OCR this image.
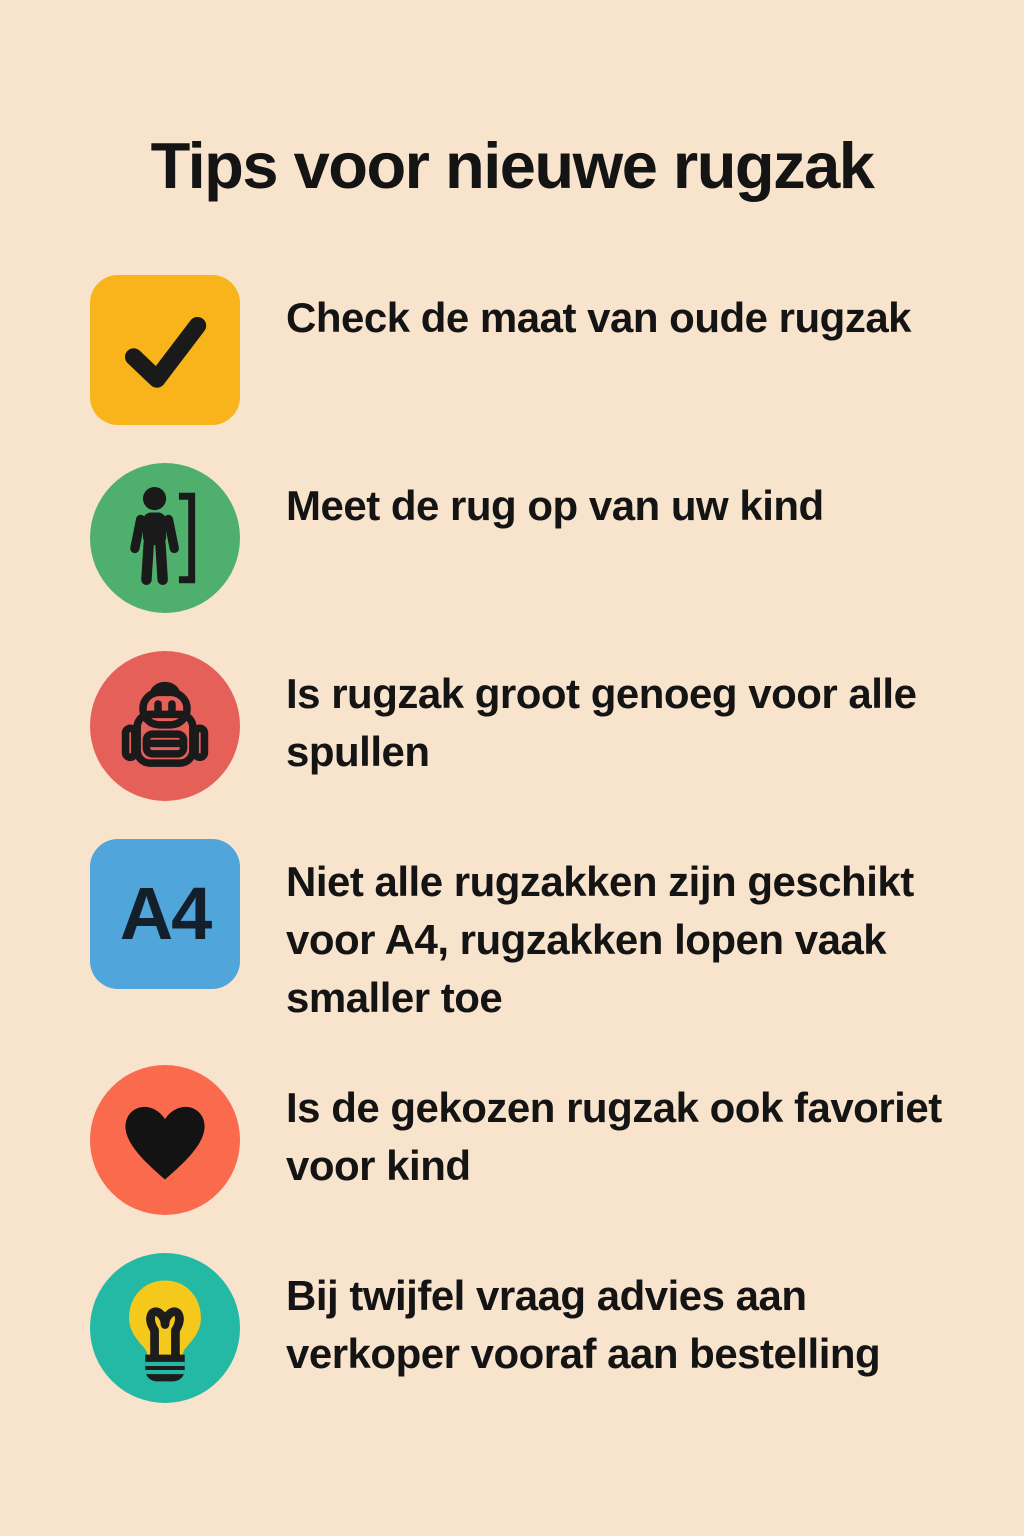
Tips voor nieuwe rugzak

Check de maat van oude rugzak

Meet de rug op van uw kind

Is rugzak groot genoeg voor alle spullen

A4 Niet alle rugzakken zijn geschikt voor A4, rugzakken lopen vaak smaller toe

Is de gekozen rugzak ook favoriet voor kind

Bij twijfel vraag advies aan verkoper vooraf aan bestelling
